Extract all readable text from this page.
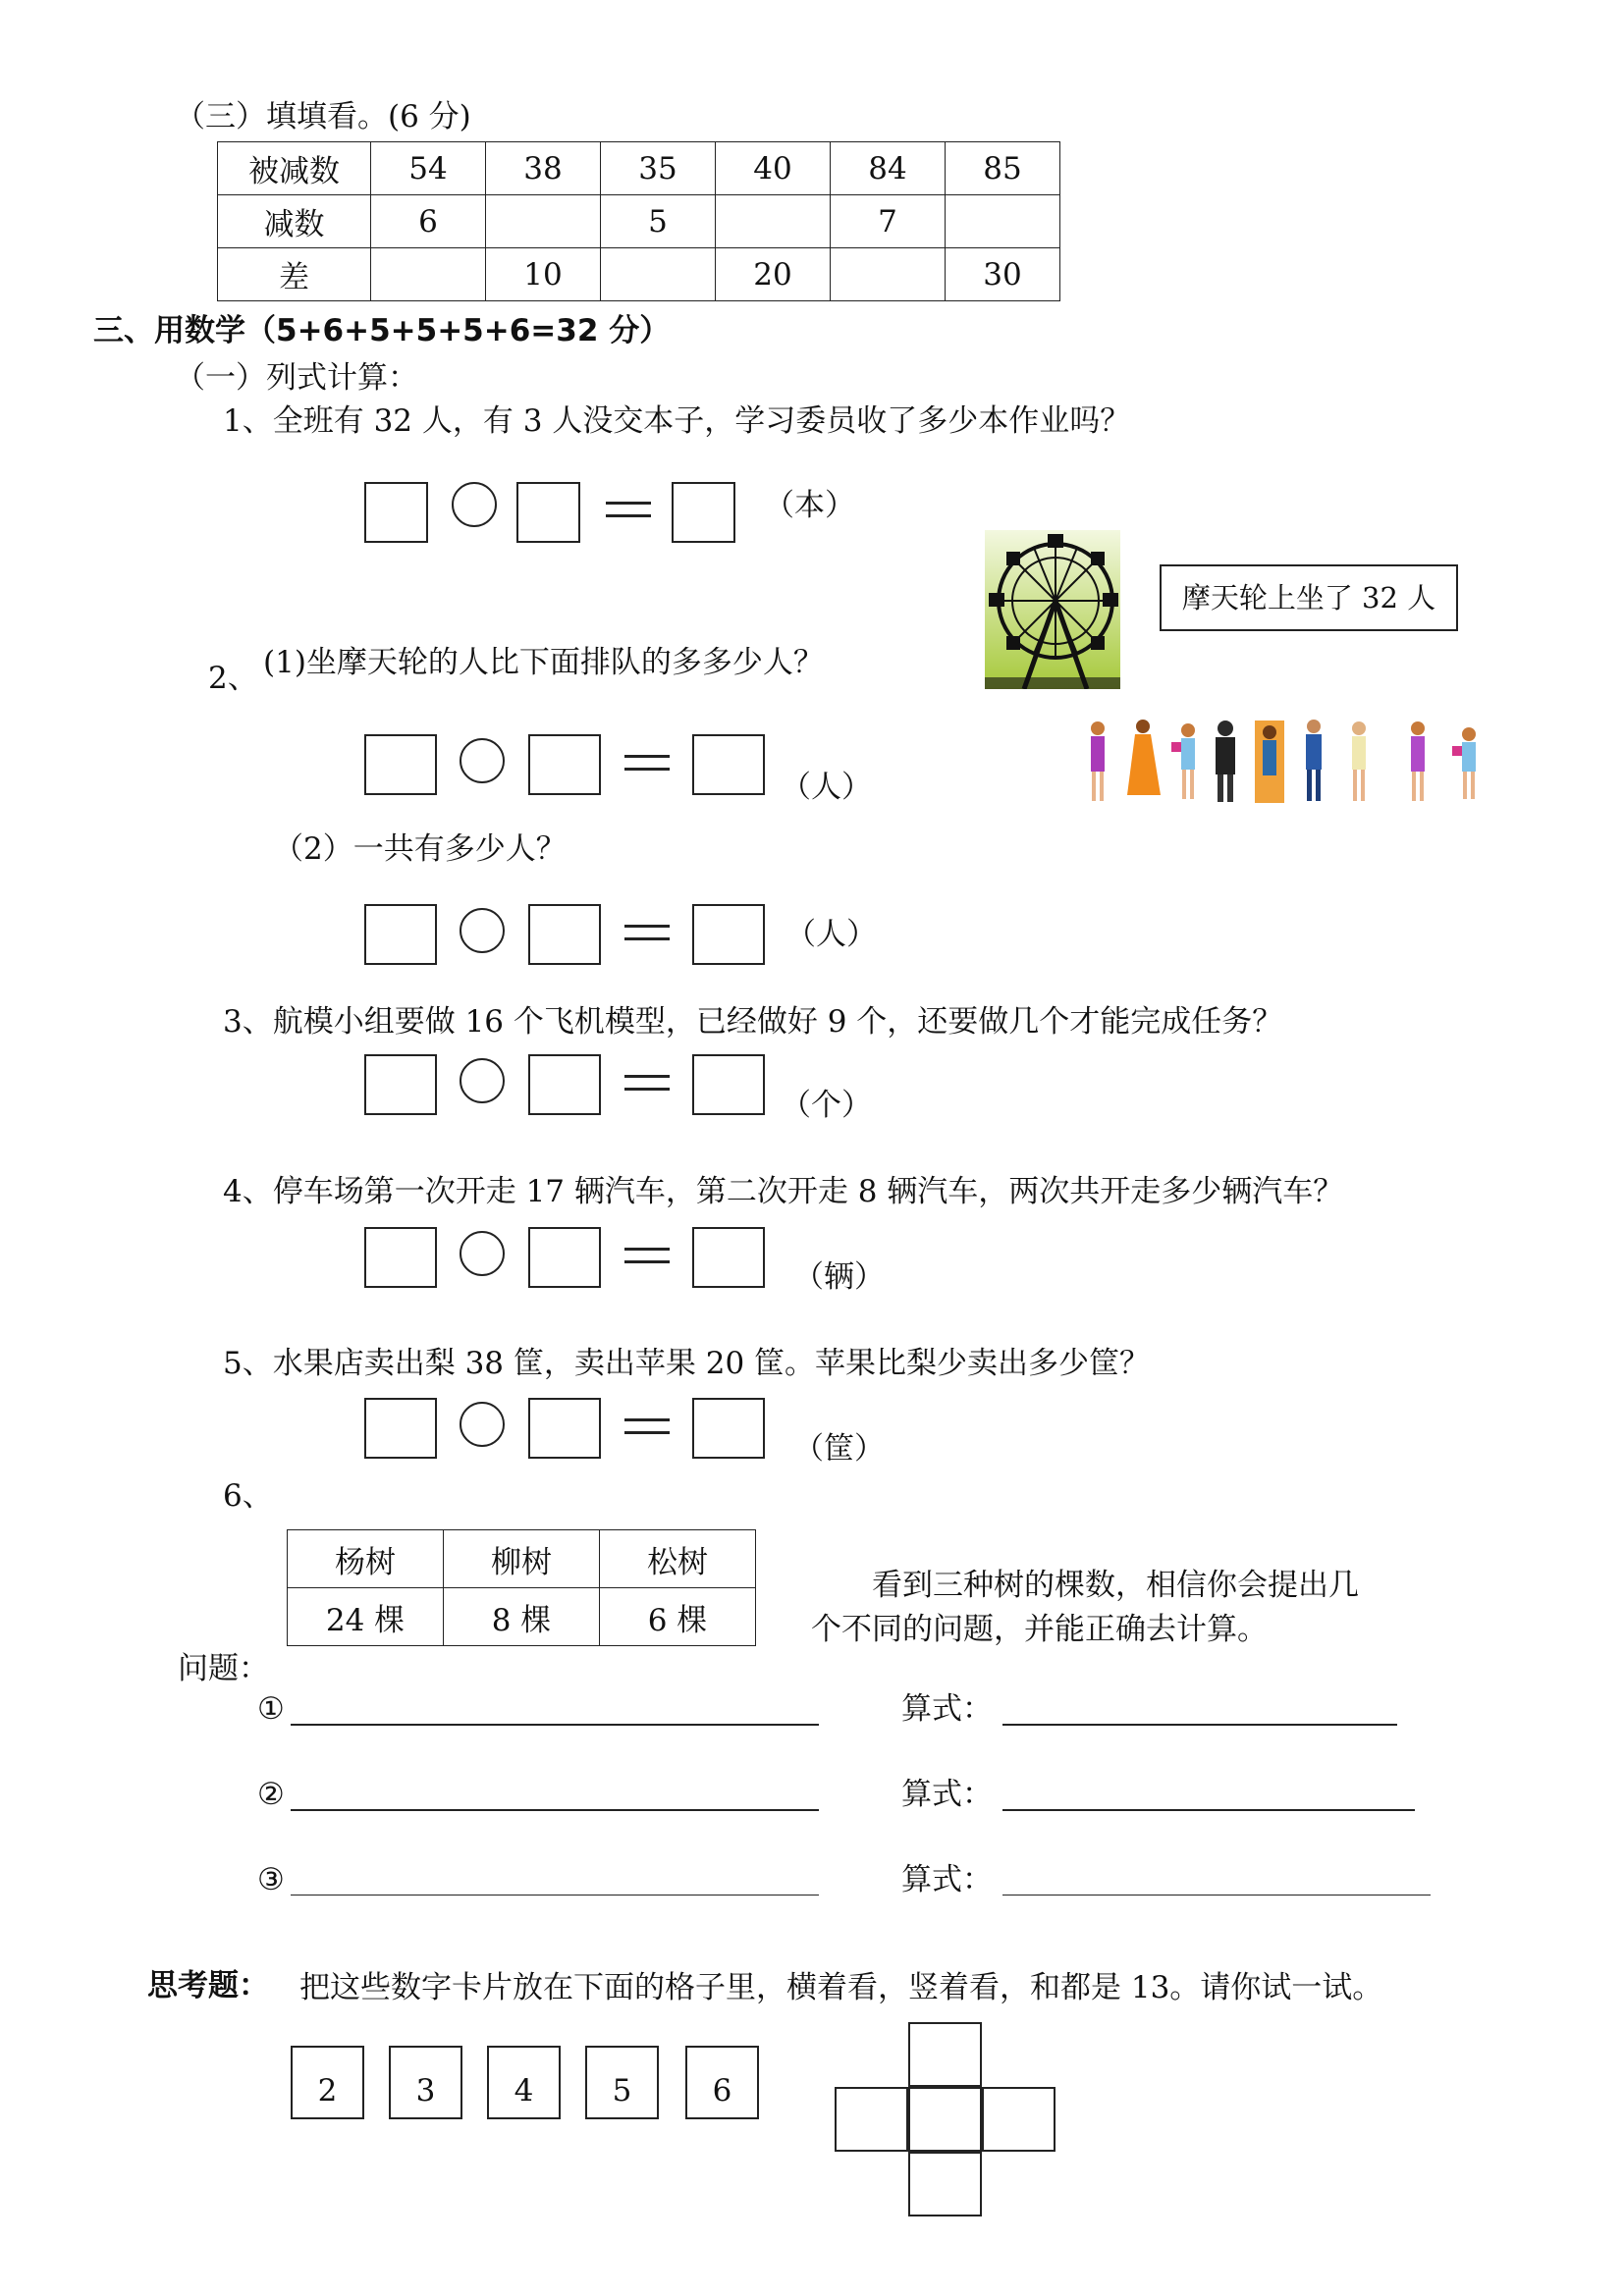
（三）填填看。(6 分)
被减数	54	38	35	40	84	85
减数	6		5		7	
差		10		20		30
三、用数学（5+6+5+5+5+6=32 分）
（一）列式计算：
1、全班有 32 人，有 3 人没交本子，学习委员收了多少本作业吗？
（本）
摩天轮上坐了 32 人
2、 (1)坐摩天轮的人比下面排队的多多少人？
（人）
（2）一共有多少人？
（人）
3、航模小组要做 16 个飞机模型，已经做好 9 个，还要做几个才能完成任务？
（个）
4、停车场第一次开走 17 辆汽车，第二次开走 8 辆汽车，两次共开走多少辆汽车？
（辆）
5、水果店卖出梨 38 筐，卖出苹果 20 筐。苹果比梨少卖出多少筐？
（筐）
6、
杨树	柳树	松树
24 棵	8 棵	6 棵
看到三种树的棵数，相信你会提出几
个不同的问题，并能正确去计算。
问题：
①	算式：
②	算式：
③	算式：
思考题： 把这些数字卡片放在下面的格子里，横着看，竖着看，和都是 13。请你试一试。
2	3	4	5	6
